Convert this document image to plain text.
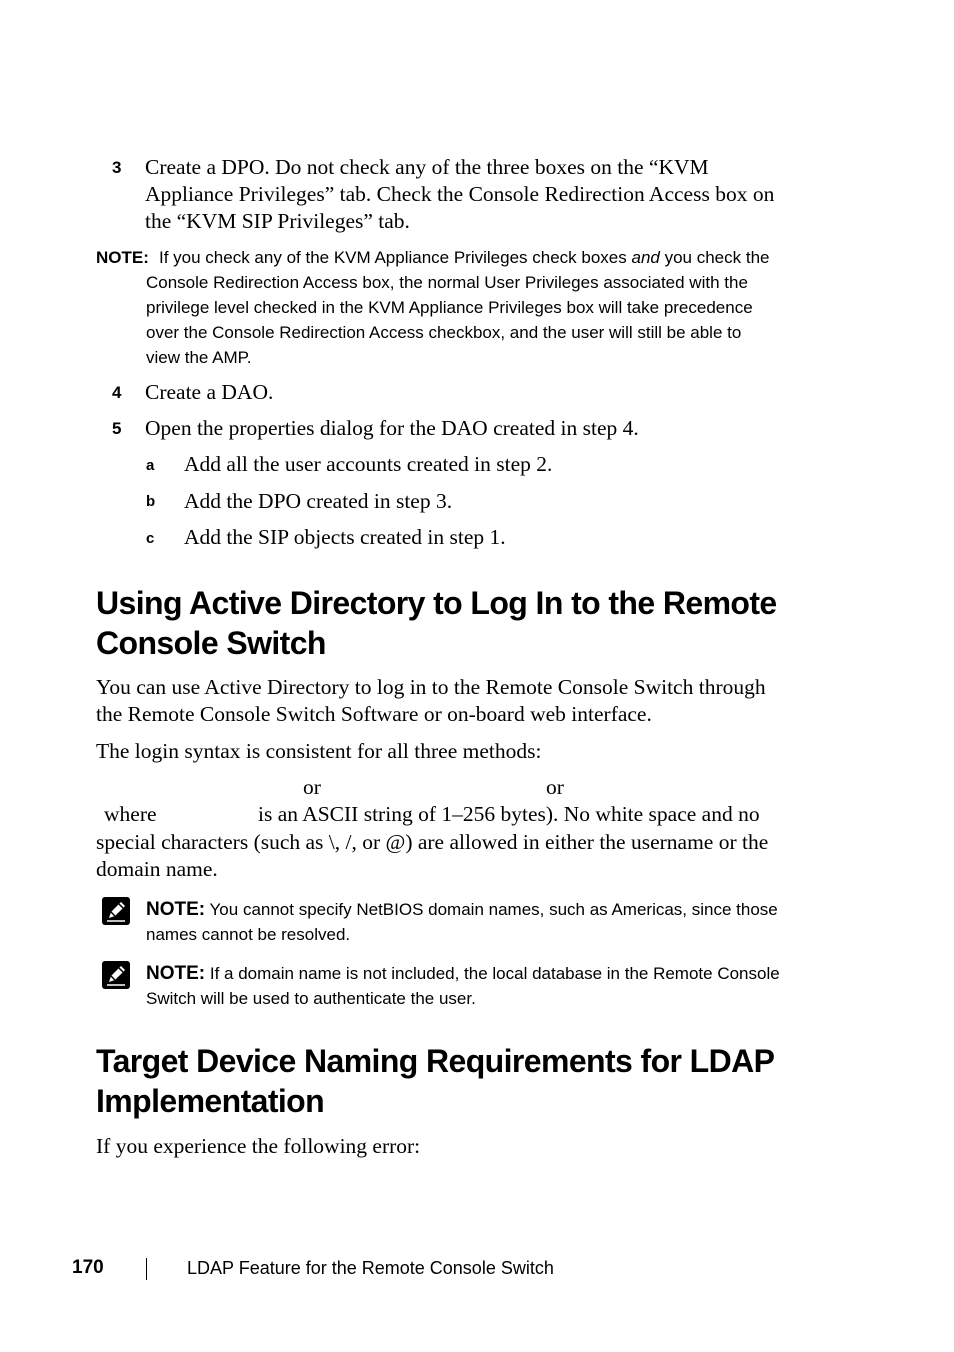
3 Create a DPO. Do not check any of the three boxes on the “KVM
Appliance Privileges” tab. Check the Console Redirection Access box on
the “KVM SIP Privileges” tab.
NOTE: If you check any of the KVM Appliance Privileges check boxes and you check the
Console Redirection Access box, the normal User Privileges associated with the
privilege level checked in the KVM Appliance Privileges box will take precedence
over the Console Redirection Access checkbox, and the user will still be able to
view the AMP.
4 Create a DAO.
5 Open the properties dialog for the DAO created in step 4.
a Add all the user accounts created in step 2.
b Add the DPO created in step 3.
c Add the SIP objects created in step 1.
Using Active Directory to Log In to the Remote
Console Switch
You can use Active Directory to log in to the Remote Console Switch through
the Remote Console Switch Software or on-board web interface.
The login syntax is consistent for all three methods:
or	or
where	is an ASCII string of 1–256 bytes). No white space and no
special characters (such as \, /, or @) are allowed in either the username or the
domain name.
NOTE: You cannot specify NetBIOS domain names, such as Americas, since those
names cannot be resolved.
NOTE: If a domain name is not included, the local database in the Remote Console
Switch will be used to authenticate the user.
Target Device Naming Requirements for LDAP
Implementation
If you experience the following error:
170	LDAP Feature for the Remote Console Switch
